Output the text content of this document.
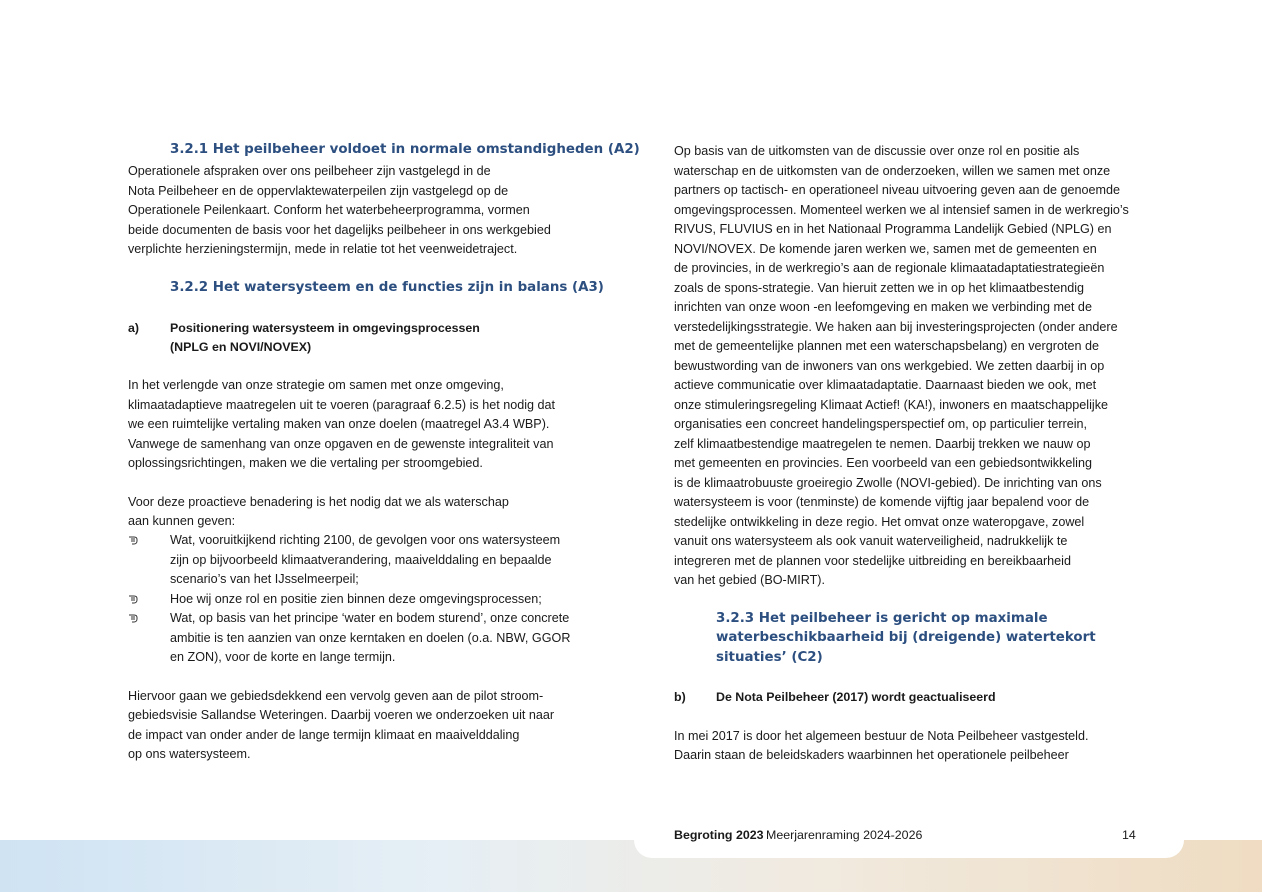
3.2.1 Het peilbeheer voldoet in normale omstandigheden (A2)
Operationele afspraken over ons peilbeheer zijn vastgelegd in de
Nota Peilbeheer en de oppervlaktewaterpeilen zijn vastgelegd op de
Operationele Peilenkaart. Conform het waterbeheerprogramma, vormen
beide documenten de basis voor het dagelijks peilbeheer in ons werkgebied
verplichte herzieningstermijn, mede in relatie tot het veenweidetraject.
3.2.2 Het watersysteem en de functies zijn in balans (A3)
a) Positionering watersysteem in omgevingsprocessen
(NPLG en NOVI/NOVEX)
In het verlengde van onze strategie om samen met onze omgeving,
klimaatadaptieve maatregelen uit te voeren (paragraaf 6.2.5) is het nodig dat
we een ruimtelijke vertaling maken van onze doelen (maatregel A3.4 WBP).
Vanwege de samenhang van onze opgaven en de gewenste integraliteit van
oplossingsrichtingen, maken we die vertaling per stroomgebied.
Voor deze proactieve benadering is het nodig dat we als waterschap
aan kunnen geven:
Wat, vooruitkijkend richting 2100, de gevolgen voor ons watersysteem
zijn op bijvoorbeeld klimaatverandering, maaivelddaling en bepaalde
scenario’s van het IJsselmeerpeil;
Hoe wij onze rol en positie zien binnen deze omgevingsprocessen;
Wat, op basis van het principe ‘water en bodem sturend’, onze concrete
ambitie is ten aanzien van onze kerntaken en doelen (o.a. NBW, GGOR
en ZON), voor de korte en lange termijn.
Hiervoor gaan we gebiedsdekkend een vervolg geven aan de pilot stroom-
gebiedsvisie Sallandse Weteringen. Daarbij voeren we onderzoeken uit naar
de impact van onder ander de lange termijn klimaat en maaivelddaling
op ons watersysteem.
Op basis van de uitkomsten van de discussie over onze rol en positie als
waterschap en de uitkomsten van de onderzoeken, willen we samen met onze
partners op tactisch- en operationeel niveau uitvoering geven aan de genoemde
omgevingsprocessen. Momenteel werken we al intensief samen in de werkregio’s
RIVUS, FLUVIUS en in het Nationaal Programma Landelijk Gebied (NPLG) en
NOVI/NOVEX. De komende jaren werken we, samen met de gemeenten en
de provincies, in de werkregio’s aan de regionale klimaatadaptatiestrategieën
zoals de spons-strategie. Van hieruit zetten we in op het klimaatbestendig
inrichten van onze woon -en leefomgeving en maken we verbinding met de
verstedelijkingsstrategie. We haken aan bij investeringsprojecten (onder andere
met de gemeentelijke plannen met een waterschapsbelang) en vergroten de
bewustwording van de inwoners van ons werkgebied. We zetten daarbij in op
actieve communicatie over klimaatadaptatie. Daarnaast bieden we ook, met
onze stimuleringsregeling Klimaat Actief! (KA!), inwoners en maatschappelijke
organisaties een concreet handelingsperspectief om, op particulier terrein,
zelf klimaatbestendige maatregelen te nemen. Daarbij trekken we nauw op
met gemeenten en provincies. Een voorbeeld van een gebiedsontwikkeling
is de klimaatrobuuste groeiregio Zwolle (NOVI-gebied). De inrichting van ons
watersysteem is voor (tenminste) de komende vijftig jaar bepalend voor de
stedelijke ontwikkeling in deze regio. Het omvat onze wateropgave, zowel
vanuit ons watersysteem als ook vanuit waterveiligheid, nadrukkelijk te
integreren met de plannen voor stedelijke uitbreiding en bereikbaarheid
van het gebied (BO-MIRT).
3.2.3 Het peilbeheer is gericht op maximale
waterbeschikbaarheid bij (dreigende) watertekort
situaties’ (C2)
b) De Nota Peilbeheer (2017) wordt geactualiseerd
In mei 2017 is door het algemeen bestuur de Nota Peilbeheer vastgesteld.
Daarin staan de beleidskaders waarbinnen het operationele peilbeheer
Begroting 2023 Meerjarenraming 2024-2026	14
